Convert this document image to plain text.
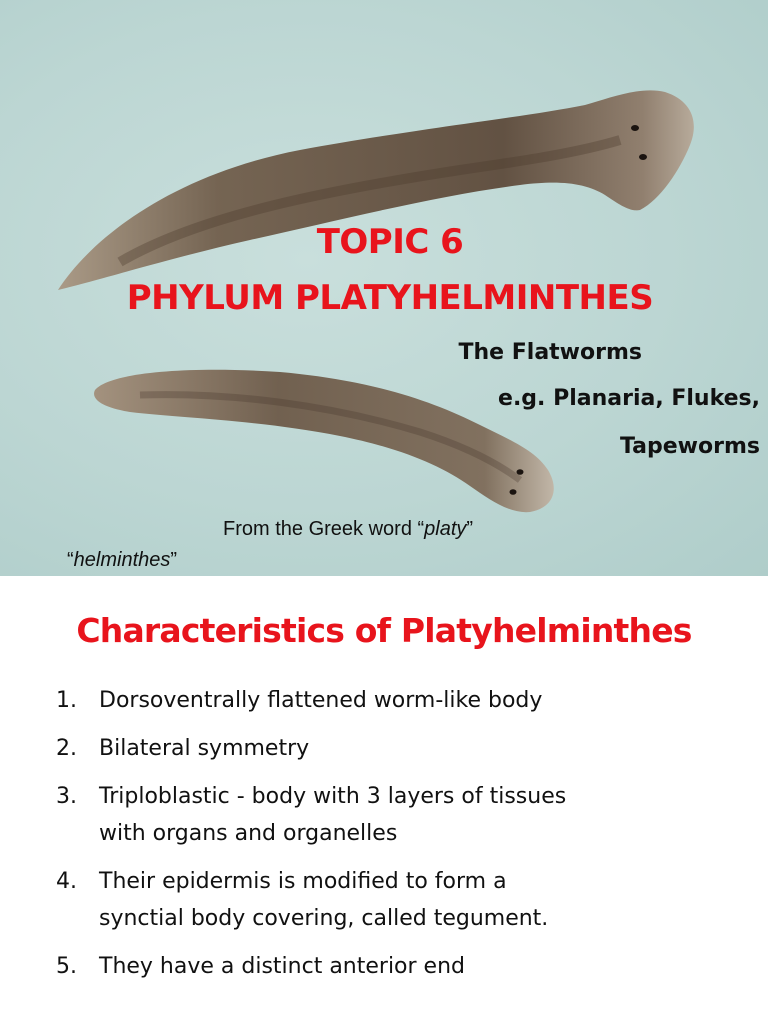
TOPIC 6
PHYLUM PLATYHELMINTHES
The Flatworms
e.g. Planaria, Flukes,
Tapeworms
From the Greek word “platy”
“helminthes”
Characteristics of Platyhelminthes
1. Dorsoventrally flattened worm-like body
2. Bilateral symmetry
3. Triploblastic - body with 3 layers of tissues with organs and organelles
4. Their epidermis is modified to form a synctial body covering, called tegument.
5. They have a distinct anterior end
